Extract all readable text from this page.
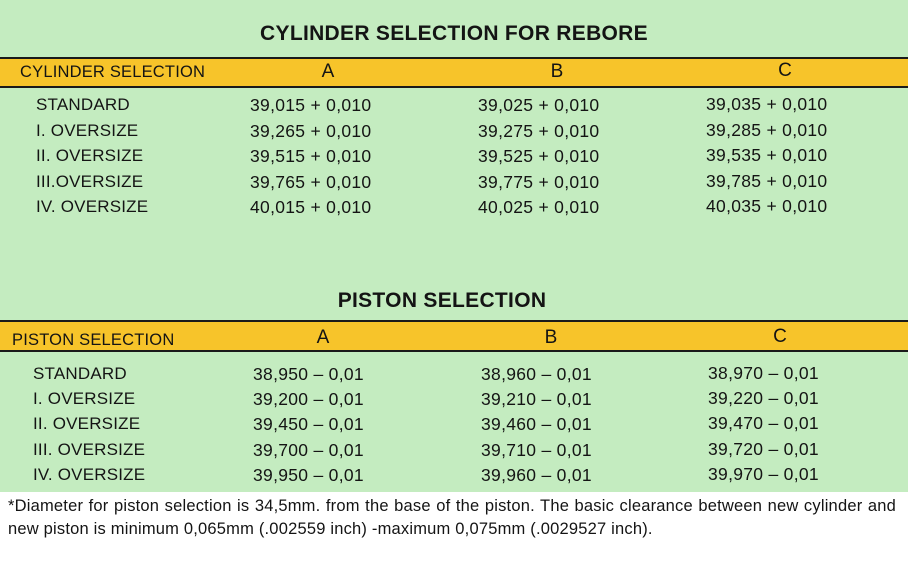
CYLINDER SELECTION FOR REBORE
CYLINDER SELECTION	A	B	C
STANDARD	39,015 + 0,010	39,025 + 0,010	39,035 + 0,010
I. OVERSIZE	39,265 + 0,010	39,275 + 0,010	39,285 + 0,010
II. OVERSIZE	39,515 + 0,010	39,525 + 0,010	39,535 + 0,010
III.OVERSIZE	39,765 + 0,010	39,775 + 0,010	39,785 + 0,010
IV. OVERSIZE	40,015 + 0,010	40,025 + 0,010	40,035 + 0,010
PISTON SELECTION
PISTON SELECTION	A	B	C
STANDARD	38,950 – 0,01	38,960 – 0,01	38,970 – 0,01
I. OVERSIZE	39,200 – 0,01	39,210 – 0,01	39,220 – 0,01
II. OVERSIZE	39,450 – 0,01	39,460 – 0,01	39,470 – 0,01
III. OVERSIZE	39,700 – 0,01	39,710 – 0,01	39,720 – 0,01
IV. OVERSIZE	39,950 – 0,01	39,960 – 0,01	39,970 – 0,01
*Diameter for piston selection is 34,5mm. from the base of the piston. The basic clearance between new cylinder and new piston is minimum 0,065mm (.002559 inch) -maximum 0,075mm (.0029527 inch).
